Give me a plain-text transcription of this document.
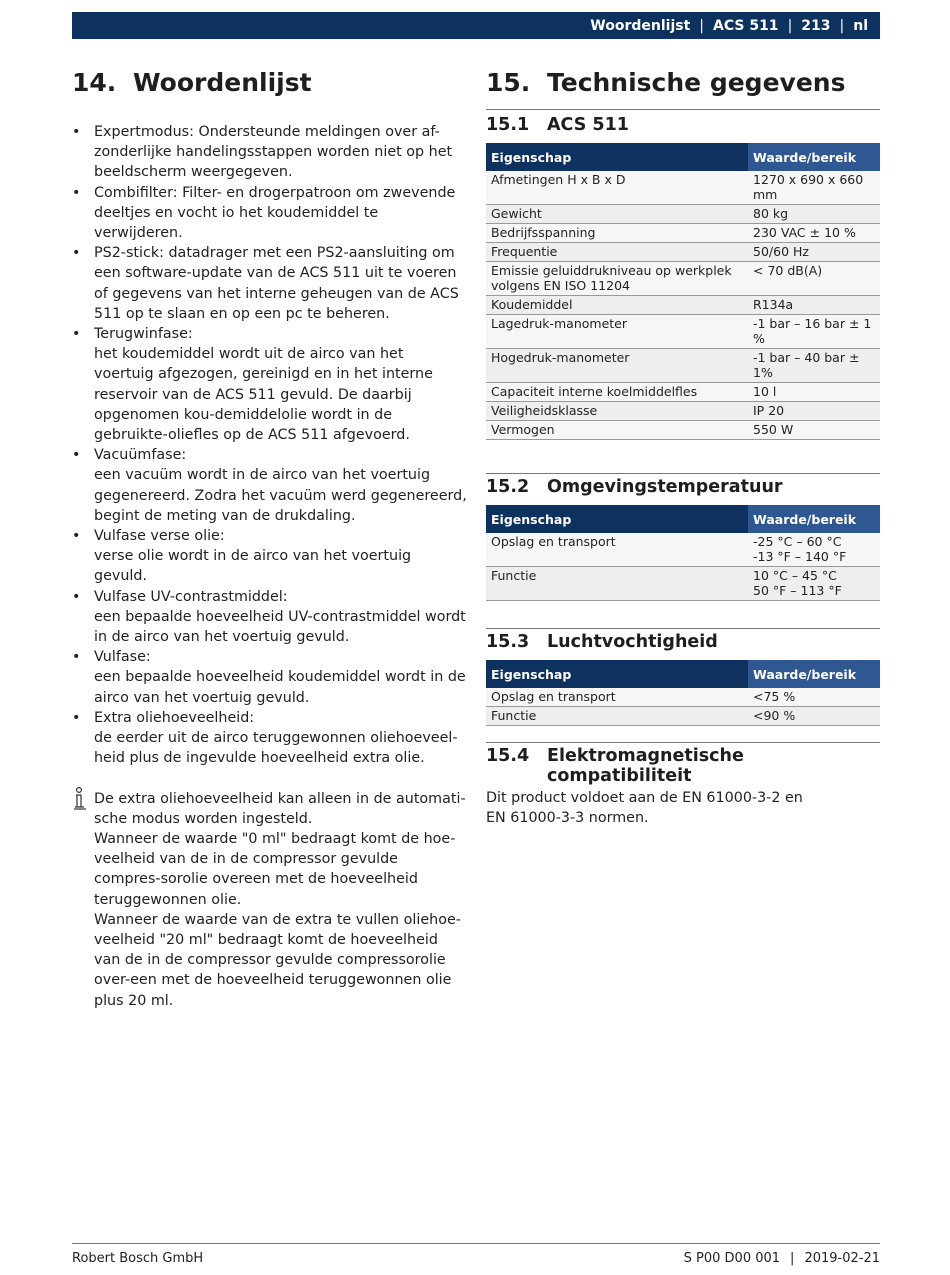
Woordenlijst | ACS 511 | 213 | nl
14. Woordenlijst
• Expertmodus: Ondersteunde meldingen over af-
zonderlijke handelingsstappen worden niet op het beeldscherm weergegeven.
• Combifilter: Filter- en drogerpatroon om zwevende
deeltjes en vocht io het koudemiddel te verwijderen.
• PS2-stick: datadrager met een PS2-aansluiting om
een software-update van de ACS 511 uit te voeren of gegevens van het interne geheugen van de ACS 511 op te slaan en op een pc te beheren.
• Terugwinfase:
het koudemiddel wordt uit de airco van het voertuig afgezogen, gereinigd en in het interne reservoir van de ACS 511 gevuld. De daarbij opgenomen kou-demiddelolie wordt in de gebruikte-oliefles op de ACS 511 afgevoerd.
• Vacuümfase:
een vacuüm wordt in de airco van het voertuig gegenereerd. Zodra het vacuüm werd gegenereerd, begint de meting van de drukdaling.
• Vulfase verse olie:
verse olie wordt in de airco van het voertuig gevuld.
• Vulfase UV-contrastmiddel:
een bepaalde hoeveelheid UV-contrastmiddel wordt in de airco van het voertuig gevuld.
• Vulfase:
een bepaalde hoeveelheid koudemiddel wordt in de airco van het voertuig gevuld.
• Extra oliehoeveelheid:
de eerder uit de airco teruggewonnen oliehoeveel-heid plus de ingevulde hoeveelheid extra olie.

De extra oliehoeveelheid kan alleen in de automati-sche modus worden ingesteld.

Wanneer de waarde "0 ml" bedraagt komt de hoe-veelheid van de in de compressor gevulde compres-sorolie overeen met de hoeveelheid teruggewonnen olie.

Wanneer de waarde van de extra te vullen oliehoe-veelheid "20 ml" bedraagt komt de hoeveelheid van de in de compressor gevulde compressorolie over-een met de hoeveelheid teruggewonnen olie plus 20 ml.

15. Technische gegevens
15.1	ACS 511
Eigenschap	Waarde/bereik
Afmetingen H x B x D	1270 x 690 x 660 mm
Gewicht	80 kg
Bedrijfsspanning	230 VAC ± 10 %
Frequentie	50/60 Hz
Emissie geluiddrukniveau op werkplek volgens EN ISO 11204	< 70 dB(A)
Koudemiddel	R134a
Lagedruk-manometer	-1 bar – 16 bar ± 1 %
Hogedruk-manometer	-1 bar – 40 bar ± 1%
Capaciteit interne koelmiddelfles	10 l
Veiligheidsklasse	IP 20
Vermogen	550 W
15.2	Omgevingstemperatuur
Eigenschap	Waarde/bereik
Opslag en transport	-25 °C – 60 °C
-13 °F – 140 °F

Functie	10 °C – 45 °C
50 °F – 113 °F
15.3	Luchtvochtigheid
Eigenschap	Waarde/bereik
Opslag en transport	<75 %
Functie	<90 %
15.4	Elektromagnetische compatibiliteit
Dit product voldoet aan de EN 61000-3-2 en
EN 61000-3-3 normen.
Robert Bosch GmbH	S P00 D00 001 | 2019-02-21
